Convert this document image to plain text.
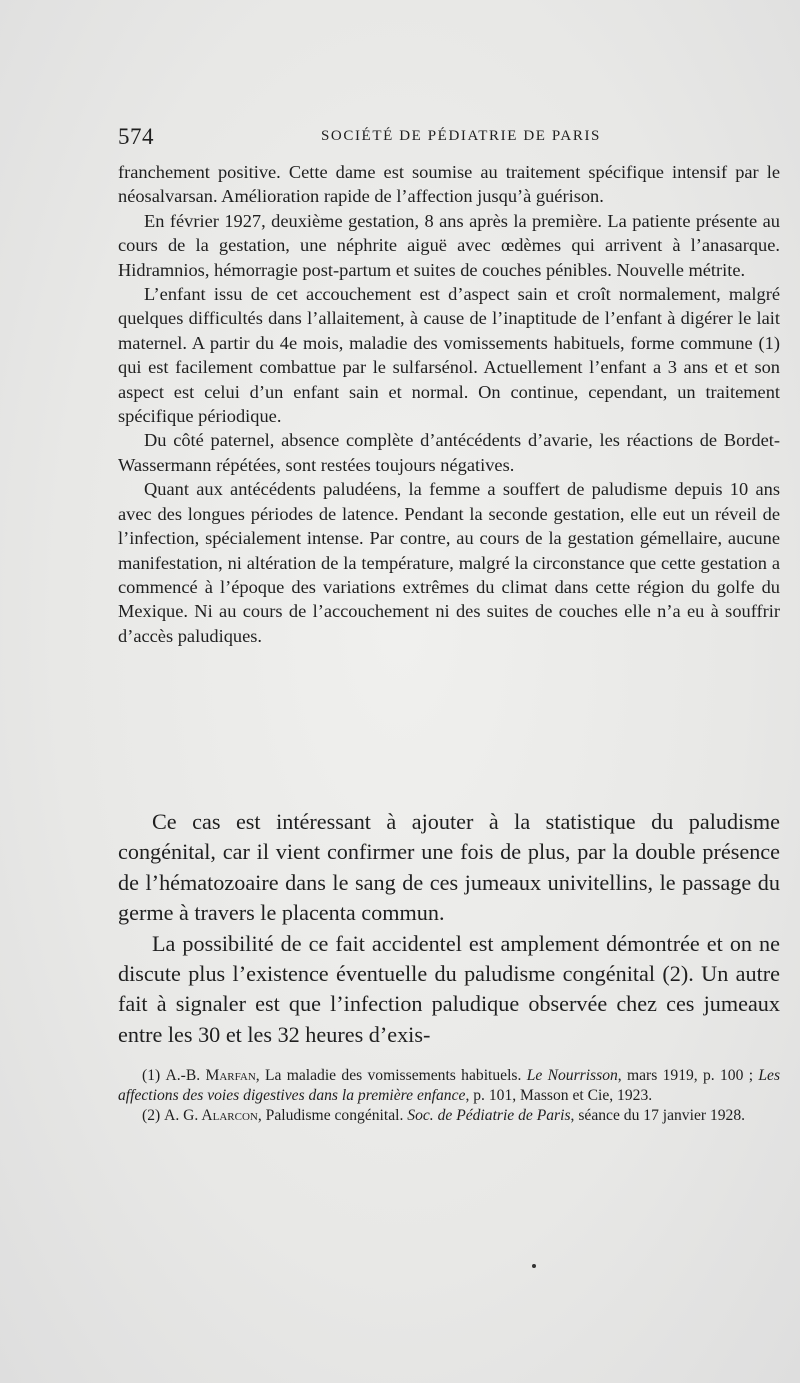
574	SOCIÉTÉ DE PÉDIATRIE DE PARIS

franchement positive. Cette dame est soumise au traitement spécifique intensif par le néosalvarsan. Amélioration rapide de l’affection jusqu’à guérison.

En février 1927, deuxième gestation, 8 ans après la première. La patiente présente au cours de la gestation, une néphrite aiguë avec œdèmes qui arrivent à l’anasarque. Hidramnios, hémorragie post-partum et suites de couches pénibles. Nouvelle métrite.

L’enfant issu de cet accouchement est d’aspect sain et croît normalement, malgré quelques difficultés dans l’allaitement, à cause de l’inaptitude de l’enfant à digérer le lait maternel. A partir du 4e mois, maladie des vomissements habituels, forme commune (1) qui est facilement combattue par le sulfarsénol. Actuellement l’enfant a 3 ans et et son aspect est celui d’un enfant sain et normal. On continue, cependant, un traitement spécifique périodique.

Du côté paternel, absence complète d’antécédents d’avarie, les réactions de Bordet-Wassermann répétées, sont restées toujours négatives.

Quant aux antécédents paludéens, la femme a souffert de paludisme depuis 10 ans avec des longues périodes de latence. Pendant la seconde gestation, elle eut un réveil de l’infection, spécialement intense. Par contre, au cours de la gestation gémellaire, aucune manifestation, ni altération de la température, malgré la circonstance que cette gestation a commencé à l’époque des variations extrêmes du climat dans cette région du golfe du Mexique. Ni au cours de l’accouchement ni des suites de couches elle n’a eu à souffrir d’accès paludiques.

Ce cas est intéressant à ajouter à la statistique du paludisme congénital, car il vient confirmer une fois de plus, par la double présence de l’hématozoaire dans le sang de ces jumeaux univitellins, le passage du germe à travers le placenta commun.

La possibilité de ce fait accidentel est amplement démontrée et on ne discute plus l’existence éventuelle du paludisme congénital (2). Un autre fait à signaler est que l’infection paludique observée chez ces jumeaux entre les 30 et les 32 heures d’exis-

(1) A.-B. Marfan, La maladie des vomissements habituels. Le Nourrisson, mars 1919, p. 100 ; Les affections des voies digestives dans la première enfance, p. 101, Masson et Cie, 1923.

(2) A. G. Alarcon, Paludisme congénital. Soc. de Pédiatrie de Paris, séance du 17 janvier 1928.
